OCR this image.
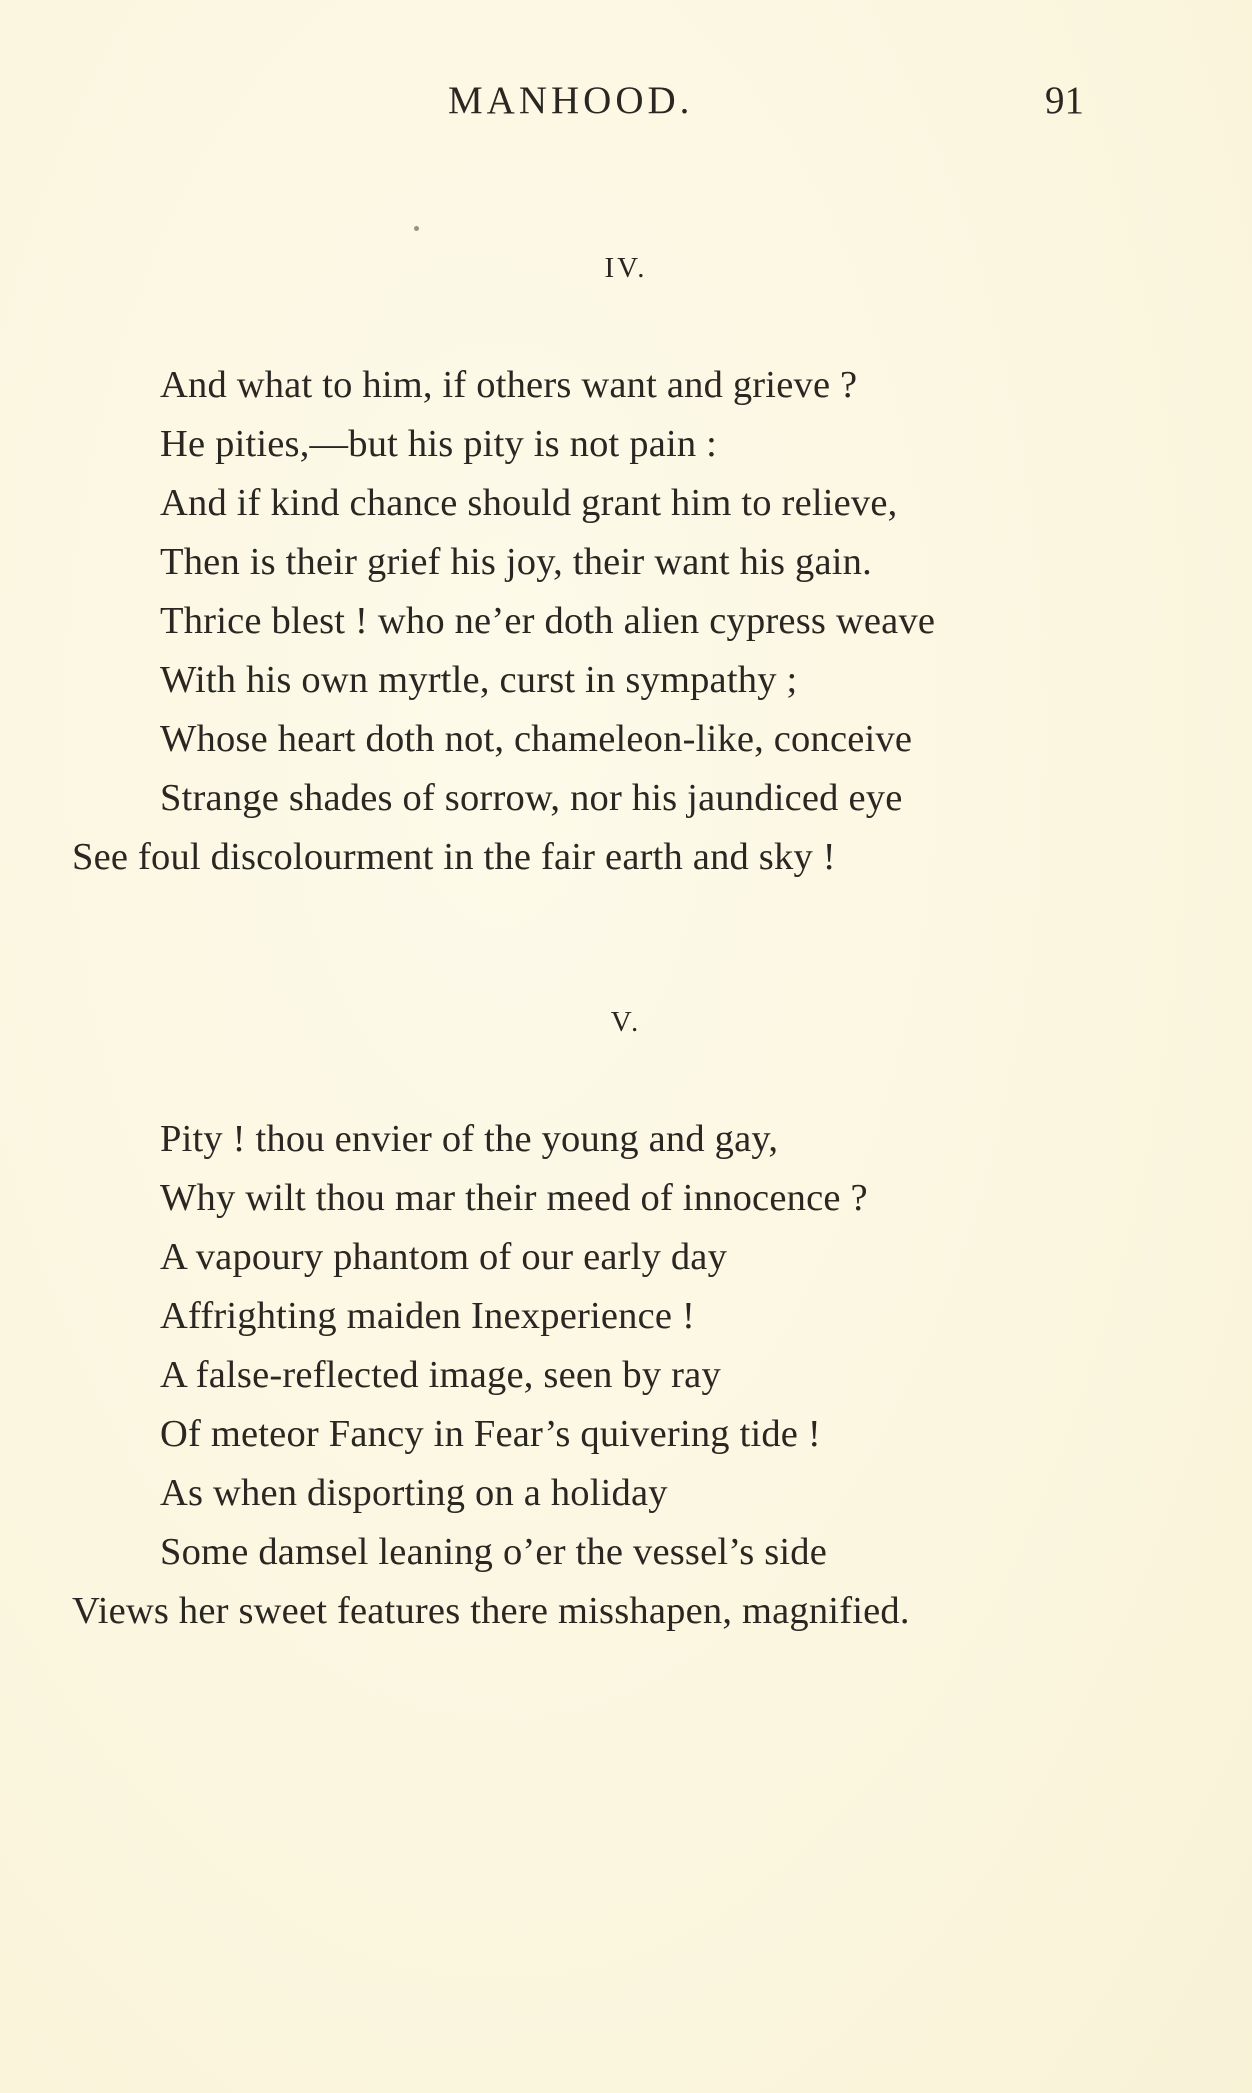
MANHOOD.	91
IV.
And what to him, if others want and grieve ?
He pities,—but his pity is not pain :
And if kind chance should grant him to relieve,
Then is their grief his joy, their want his gain.
Thrice blest ! who ne’er doth alien cypress weave
With his own myrtle, curst in sympathy ;
Whose heart doth not, chameleon-like, conceive
Strange shades of sorrow, nor his jaundiced eye
See foul discolourment in the fair earth and sky !
V.
Pity ! thou envier of the young and gay,
Why wilt thou mar their meed of innocence ?
A vapoury phantom of our early day
Affrighting maiden Inexperience !
A false-reflected image, seen by ray
Of meteor Fancy in Fear’s quivering tide !
As when disporting on a holiday
Some damsel leaning o’er the vessel’s side
Views her sweet features there misshapen, magnified.
